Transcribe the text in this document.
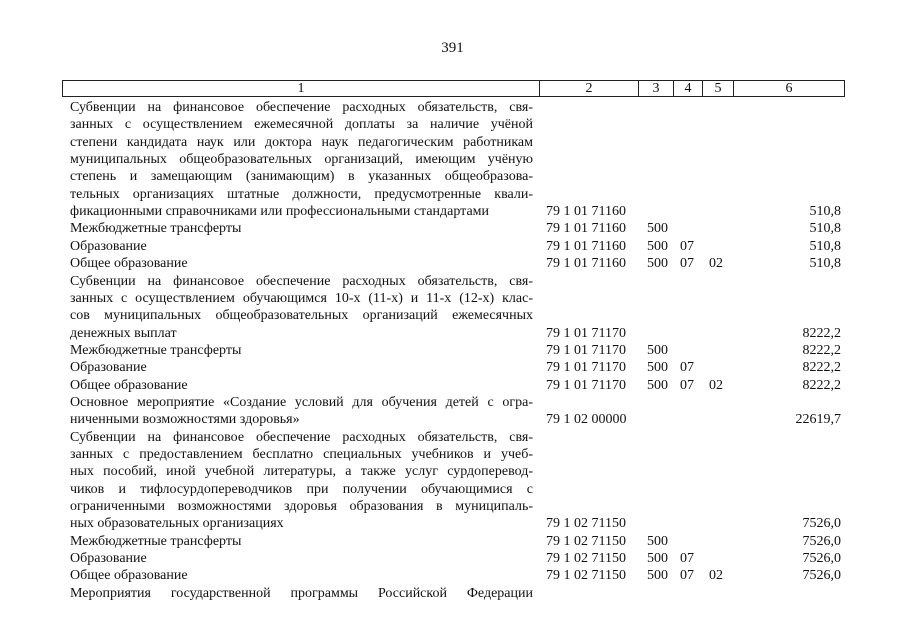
391
1	2	3	4	5	6
Субвенции на финансовое обеспечение расходных обязательств, свя-
занных с осуществлением ежемесячной доплаты за наличие учёной
степени кандидата наук или доктора наук педагогическим работникам
муниципальных общеобразовательных организаций, имеющим учёную
степень и замещающим (занимающим) в указанных общеобразова-
тельных организациях штатные должности, предусмотренные квали-
фикационными справочниками или профессиональными стандартами	79 1 01 71160	510,8
Межбюджетные трансферты	79 1 01 71160 500	510,8
Образование	79 1 01 71160 500 07	510,8
Общее образование	79 1 01 71160 500 07 02	510,8
Субвенции на финансовое обеспечение расходных обязательств, свя-
занных с осуществлением обучающимся 10-х (11-х) и 11-х (12-х) клас-
сов муниципальных общеобразовательных организаций ежемесячных
денежных выплат	79 1 01 71170	8222,2
Межбюджетные трансферты	79 1 01 71170 500	8222,2
Образование	79 1 01 71170 500 07	8222,2
Общее образование	79 1 01 71170 500 07 02	8222,2
Основное мероприятие «Создание условий для обучения детей с огра-
ниченными возможностями здоровья»	79 1 02 00000	22619,7
Субвенции на финансовое обеспечение расходных обязательств, свя-
занных с предоставлением бесплатно специальных учебников и учеб-
ных пособий, иной учебной литературы, а также услуг сурдоперевод-
чиков и тифлосурдопереводчиков при получении обучающимися с
ограниченными возможностями здоровья образования в муниципаль-
ных образовательных организациях	79 1 02 71150	7526,0
Межбюджетные трансферты	79 1 02 71150 500	7526,0
Образование	79 1 02 71150 500 07	7526,0
Общее образование	79 1 02 71150 500 07 02	7526,0
Мероприятия государственной программы Российской Федерации
